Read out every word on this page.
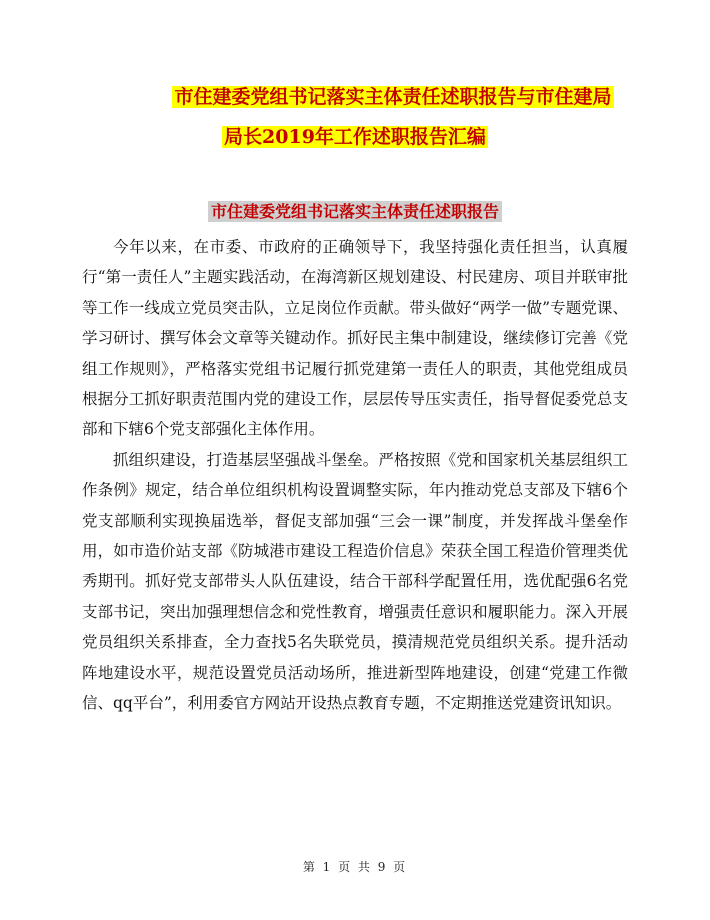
市住建委党组书记落实主体责任述职报告与市住建局
局长2019年工作述职报告汇编
市住建委党组书记落实主体责任述职报告

今年以来，在市委、市政府的正确领导下，我坚持强化责任担当，认真履行“第一责任人”主题实践活动，在海湾新区规划建设、村民建房、项目并联审批等工作一线成立党员突击队，立足岗位作贡献。带头做好“两学一做”专题党课、学习研讨、撰写体会文章等关键动作。抓好民主集中制建设，继续修订完善《党组工作规则》，严格落实党组书记履行抓党建第一责任人的职责，其他党组成员根据分工抓好职责范围内党的建设工作，层层传导压实责任，指导督促委党总支部和下辖6个党支部强化主体作用。

抓组织建设，打造基层坚强战斗堡垒。严格按照《党和国家机关基层组织工作条例》规定，结合单位组织机构设置调整实际，年内推动党总支部及下辖6个党支部顺利实现换届选举，督促支部加强“三会一课”制度，并发挥战斗堡垒作用，如市造价站支部《防城港市建设工程造价信息》荣获全国工程造价管理类优秀期刊。抓好党支部带头人队伍建设，结合干部科学配置任用，选优配强6名党支部书记，突出加强理想信念和党性教育，增强责任意识和履职能力。深入开展党员组织关系排查，全力查找5名失联党员，摸清规范党员组织关系。提升活动阵地建设水平，规范设置党员活动场所，推进新型阵地建设，创建“党建工作微信、qq平台”，利用委官方网站开设热点教育专题，不定期推送党建资讯知识。

第 1 页 共 9 页
